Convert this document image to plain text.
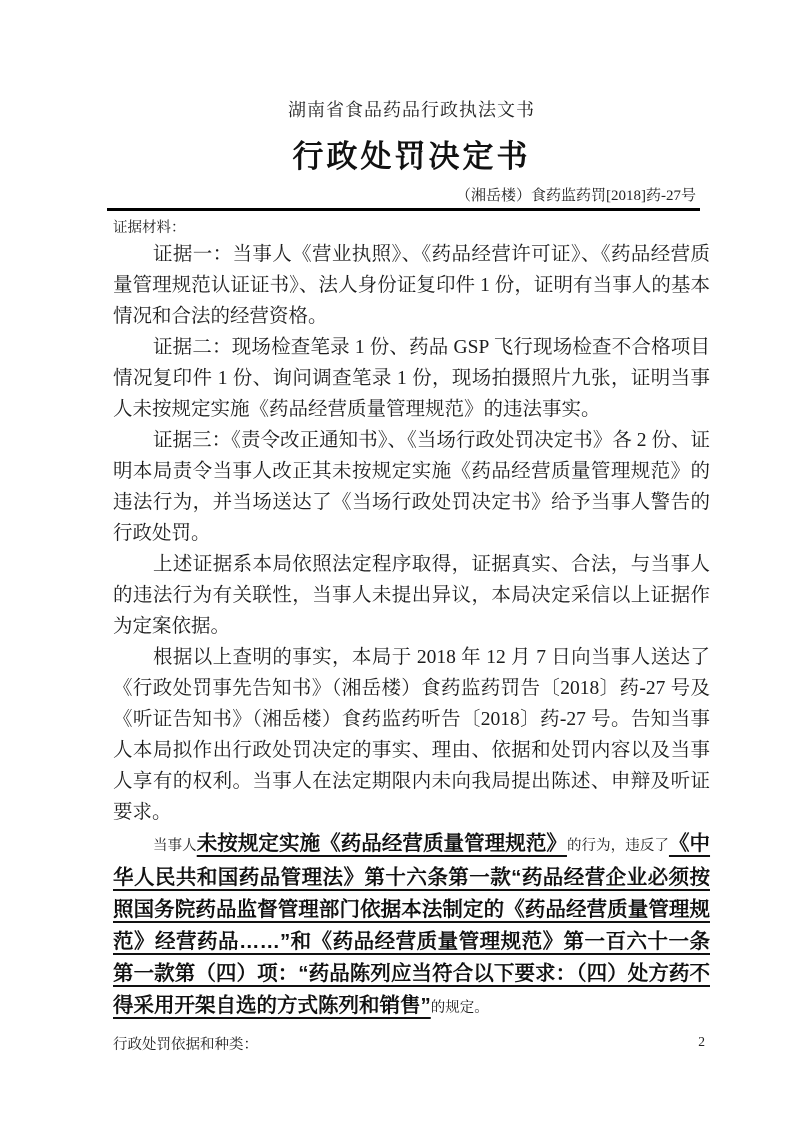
湖南省食品药品行政执法文书
行政处罚决定书
（湘岳楼）食药监药罚[2018]药-27号
证据材料：

证据一：当事人《营业执照》、《药品经营许可证》、《药品经营质量管理规范认证证书》、法人身份证复印件 1 份，证明有当事人的基本情况和合法的经营资格。

证据二：现场检查笔录 1 份、药品 GSP 飞行现场检查不合格项目情况复印件 1 份、询问调查笔录 1 份，现场拍摄照片九张，证明当事人未按规定实施《药品经营质量管理规范》的违法事实。

证据三：《责令改正通知书》、《当场行政处罚决定书》各 2 份、证明本局责令当事人改正其未按规定实施《药品经营质量管理规范》的违法行为，并当场送达了《当场行政处罚决定书》给予当事人警告的行政处罚。

上述证据系本局依照法定程序取得，证据真实、合法，与当事人的违法行为有关联性，当事人未提出异议，本局决定采信以上证据作为定案依据。

根据以上查明的事实，本局于 2018 年 12 月 7 日向当事人送达了《行政处罚事先告知书》（湘岳楼）食药监药罚告〔2018〕药-27 号及《听证告知书》（湘岳楼）食药监药听告〔2018〕药-27 号。告知当事人本局拟作出行政处罚决定的事实、理由、依据和处罚内容以及当事人享有的权利。当事人在法定期限内未向我局提出陈述、申辩及听证要求。

当事人未按规定实施《药品经营质量管理规范》的行为，违反了《中华人民共和国药品管理法》第十六条第一款“药品经营企业必须按照国务院药品监督管理部门依据本法制定的《药品经营质量管理规范》经营药品……”和《药品经营质量管理规范》第一百六十一条第一款第（四）项：“药品陈列应当符合以下要求：（四）处方药不得采用开架自选的方式陈列和销售”的规定。

行政处罚依据和种类：	2
